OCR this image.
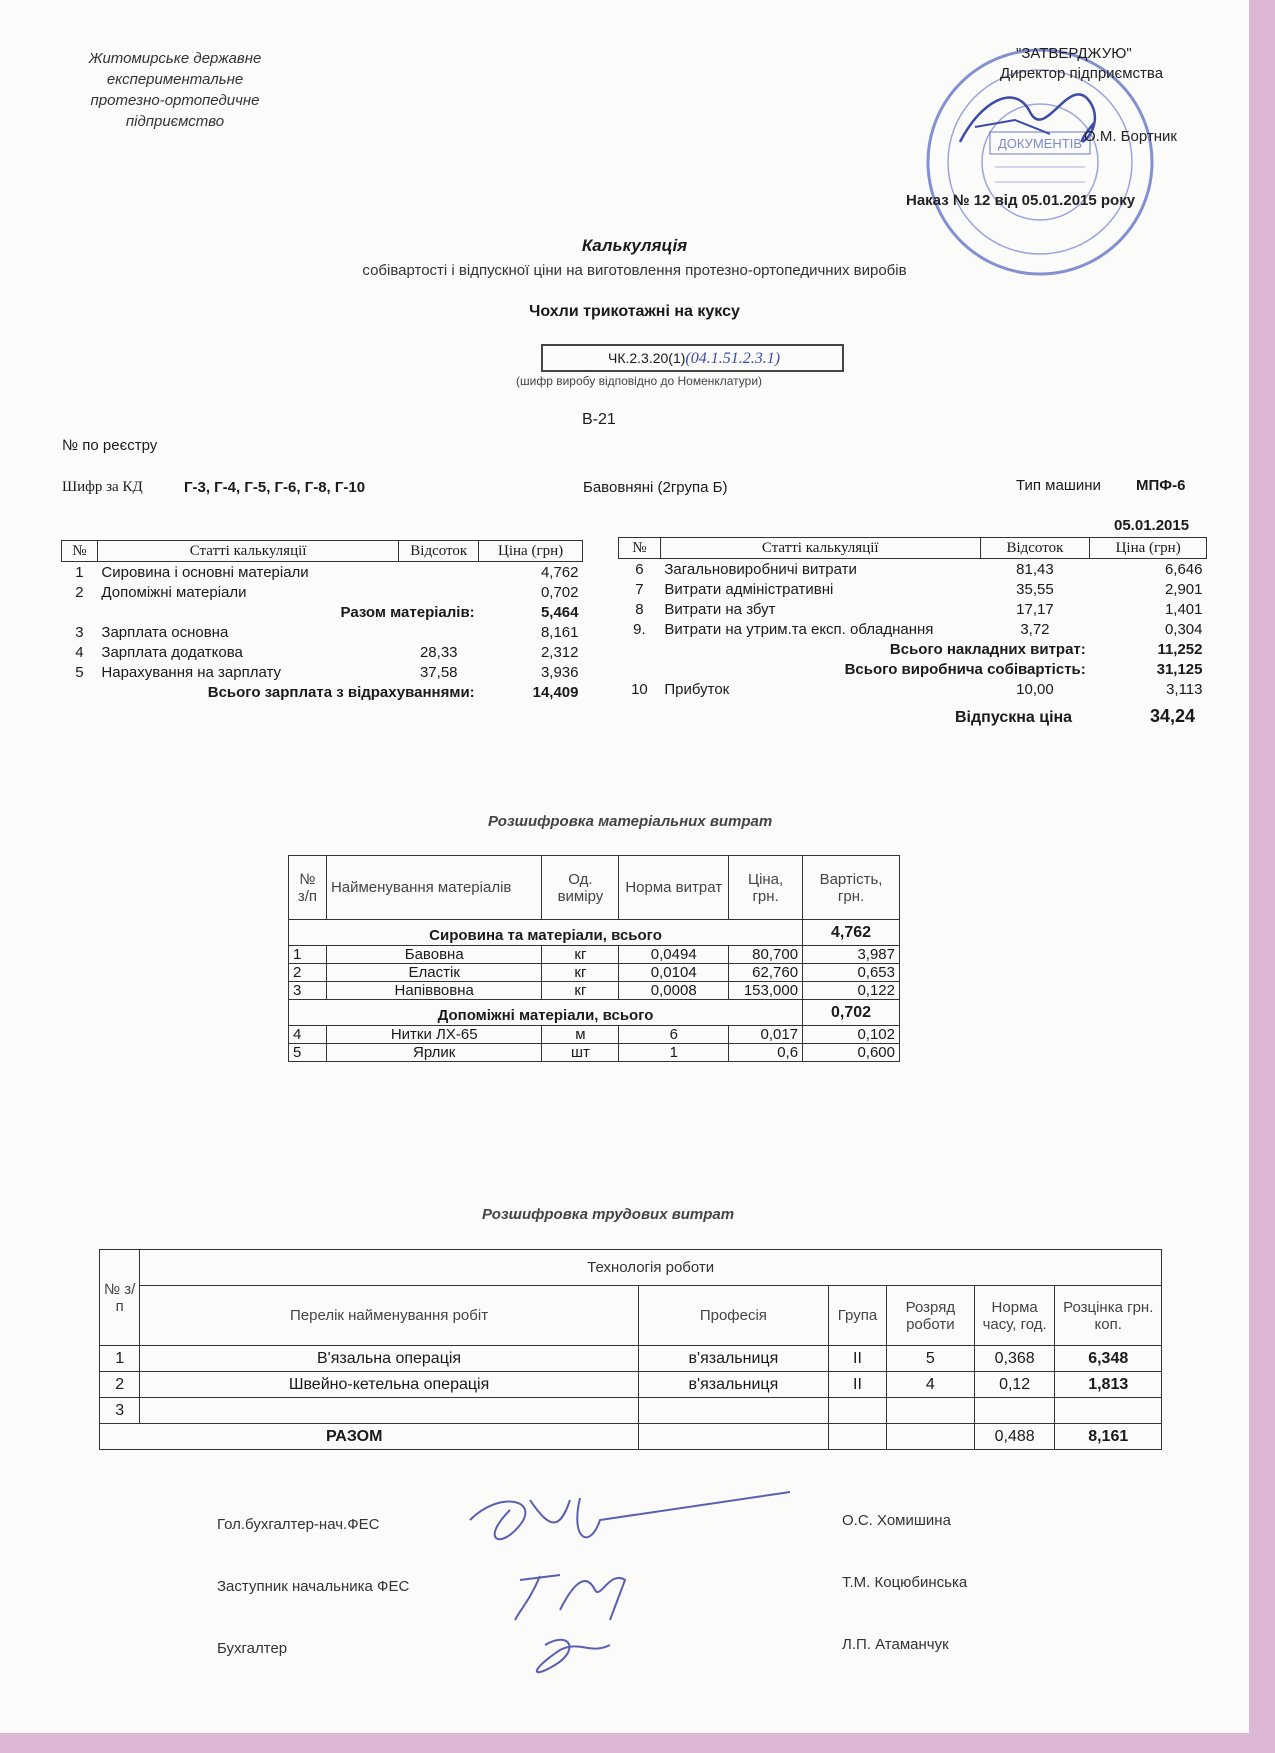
Житомирське державне
експериментальне
протезно-ортопедичне
підприємство
ДОКУМЕНТІВ
"ЗАТВЕРДЖУЮ"
Директор підприємства
О.М. Бортник
Наказ № 12 від 05.01.2015 року
Калькуляція
собівартості і відпускної ціни на виготовлення протезно-ортопедичних виробів
Чохли трикотажні на куксу
ЧК.2.3.20(1)(04.1.51.2.3.1)
(шифр виробу відповідно до Номенклатури)
В-21
№ по реєстру
Шифр за КД	Г-3, Г-4, Г-5, Г-6, Г-8, Г-10	Бавовняні (2група Б)	Тип машини МПФ-6
05.01.2015
№	Статті калькуляції	Відсоток	Ціна (грн)
1	Сировина і основні матеріали		4,762
2	Допоміжні матеріали		0,702
	Разом матеріалів:		5,464
3	Зарплата основна		8,161
4	Зарплата додаткова	28,33	2,312
5	Нарахування на зарплату	37,58	3,936
	Всього зарплата з відрахуваннями:		14,409
№	Статті калькуляції	Відсоток	Ціна (грн)
6	Загальновиробничі витрати	81,43	6,646
7	Витрати адміністративні	35,55	2,901
8	Витрати на збут	17,17	1,401
9.	Витрати на утрим.та експ. обладнання	3,72	0,304
	Всього накладних витрат:		11,252
	Всього виробнича собівартість:		31,125
10	Прибуток	10,00	3,113
Відпускна ціна	34,24
Розшифровка матеріальних витрат
№ з/п	Найменування матеріалів	Од. виміру	Норма витрат	Ціна, грн.	Вартість, грн.
Сировина та матеріали, всього					4,762
1	Бавовна	кг	0,0494	80,700	3,987
2	Еластік	кг	0,0104	62,760	0,653
3	Напіввовна	кг	0,0008	153,000	0,122
Допоміжні матеріали, всього					0,702
4	Нитки ЛХ-65	м	6	0,017	0,102
5	Ярлик	шт	1	0,6	0,600
Розшифровка трудових витрат
№ з/п	Технологія роботи					
	Перелік найменування робіт	Професія	Група	Розряд роботи	Норма часу, год.	Розцінка грн. коп.
1	В'язальна операція	в'язальниця	II	5	0,368	6,348
2	Швейно-кетельна операція	в'язальниця	II	4	0,12	1,813
3						
РАЗОМ					0,488	8,161
Гол.бухгалтер-нач.ФЕС	О.С. Хомишина
Заступник начальника ФЕС	Т.М. Коцюбинська
Бухгалтер	Л.П. Атаманчук
